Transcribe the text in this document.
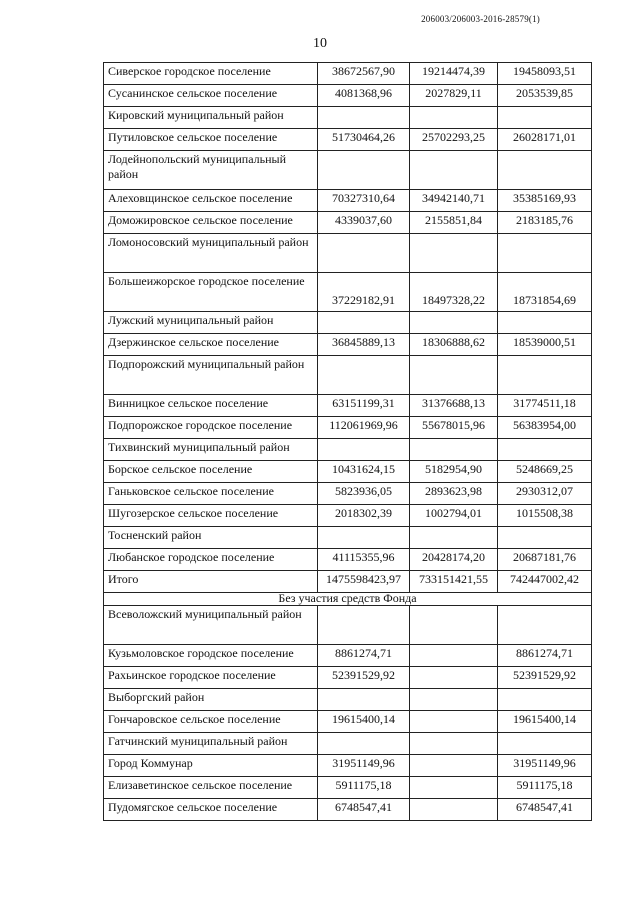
206003/206003-2016-28579(1)
10
Сиверское городское поселение	38672567,90	19214474,39	19458093,51
Сусанинское сельское поселение	4081368,96	2027829,11	2053539,85
Кировский муниципальный район			
Путиловское сельское поселение	51730464,26	25702293,25	26028171,01
Лодейнопольский муниципальный район			
Алеховщинское сельское поселение	70327310,64	34942140,71	35385169,93
Доможировское сельское поселение	4339037,60	2155851,84	2183185,76
Ломоносовский муниципальный район			
Большеижорское городское поселение	37229182,91	18497328,22	18731854,69
Лужский муниципальный район			
Дзержинское сельское поселение	36845889,13	18306888,62	18539000,51
Подпорожский муниципальный район			
Винницкое сельское поселение	63151199,31	31376688,13	31774511,18
Подпорожское городское поселение	112061969,96	55678015,96	56383954,00
Тихвинский муниципальный район			
Борское сельское поселение	10431624,15	5182954,90	5248669,25
Ганьковское сельское поселение	5823936,05	2893623,98	2930312,07
Шугозерское сельское поселение	2018302,39	1002794,01	1015508,38
Тосненский район			
Любанское городское поселение	41115355,96	20428174,20	20687181,76
Итого	1475598423,97	733151421,55	742447002,42
Без участия средств Фонда			
Всеволожский муниципальный район			
Кузьмоловское городское поселение	8861274,71		8861274,71
Рахьинское городское поселение	52391529,92		52391529,92
Выборгский район			
Гончаровское сельское поселение	19615400,14		19615400,14
Гатчинский муниципальный район			
Город Коммунар	31951149,96		31951149,96
Елизаветинское сельское поселение	5911175,18		5911175,18
Пудомягское сельское поселение	6748547,41		6748547,41
